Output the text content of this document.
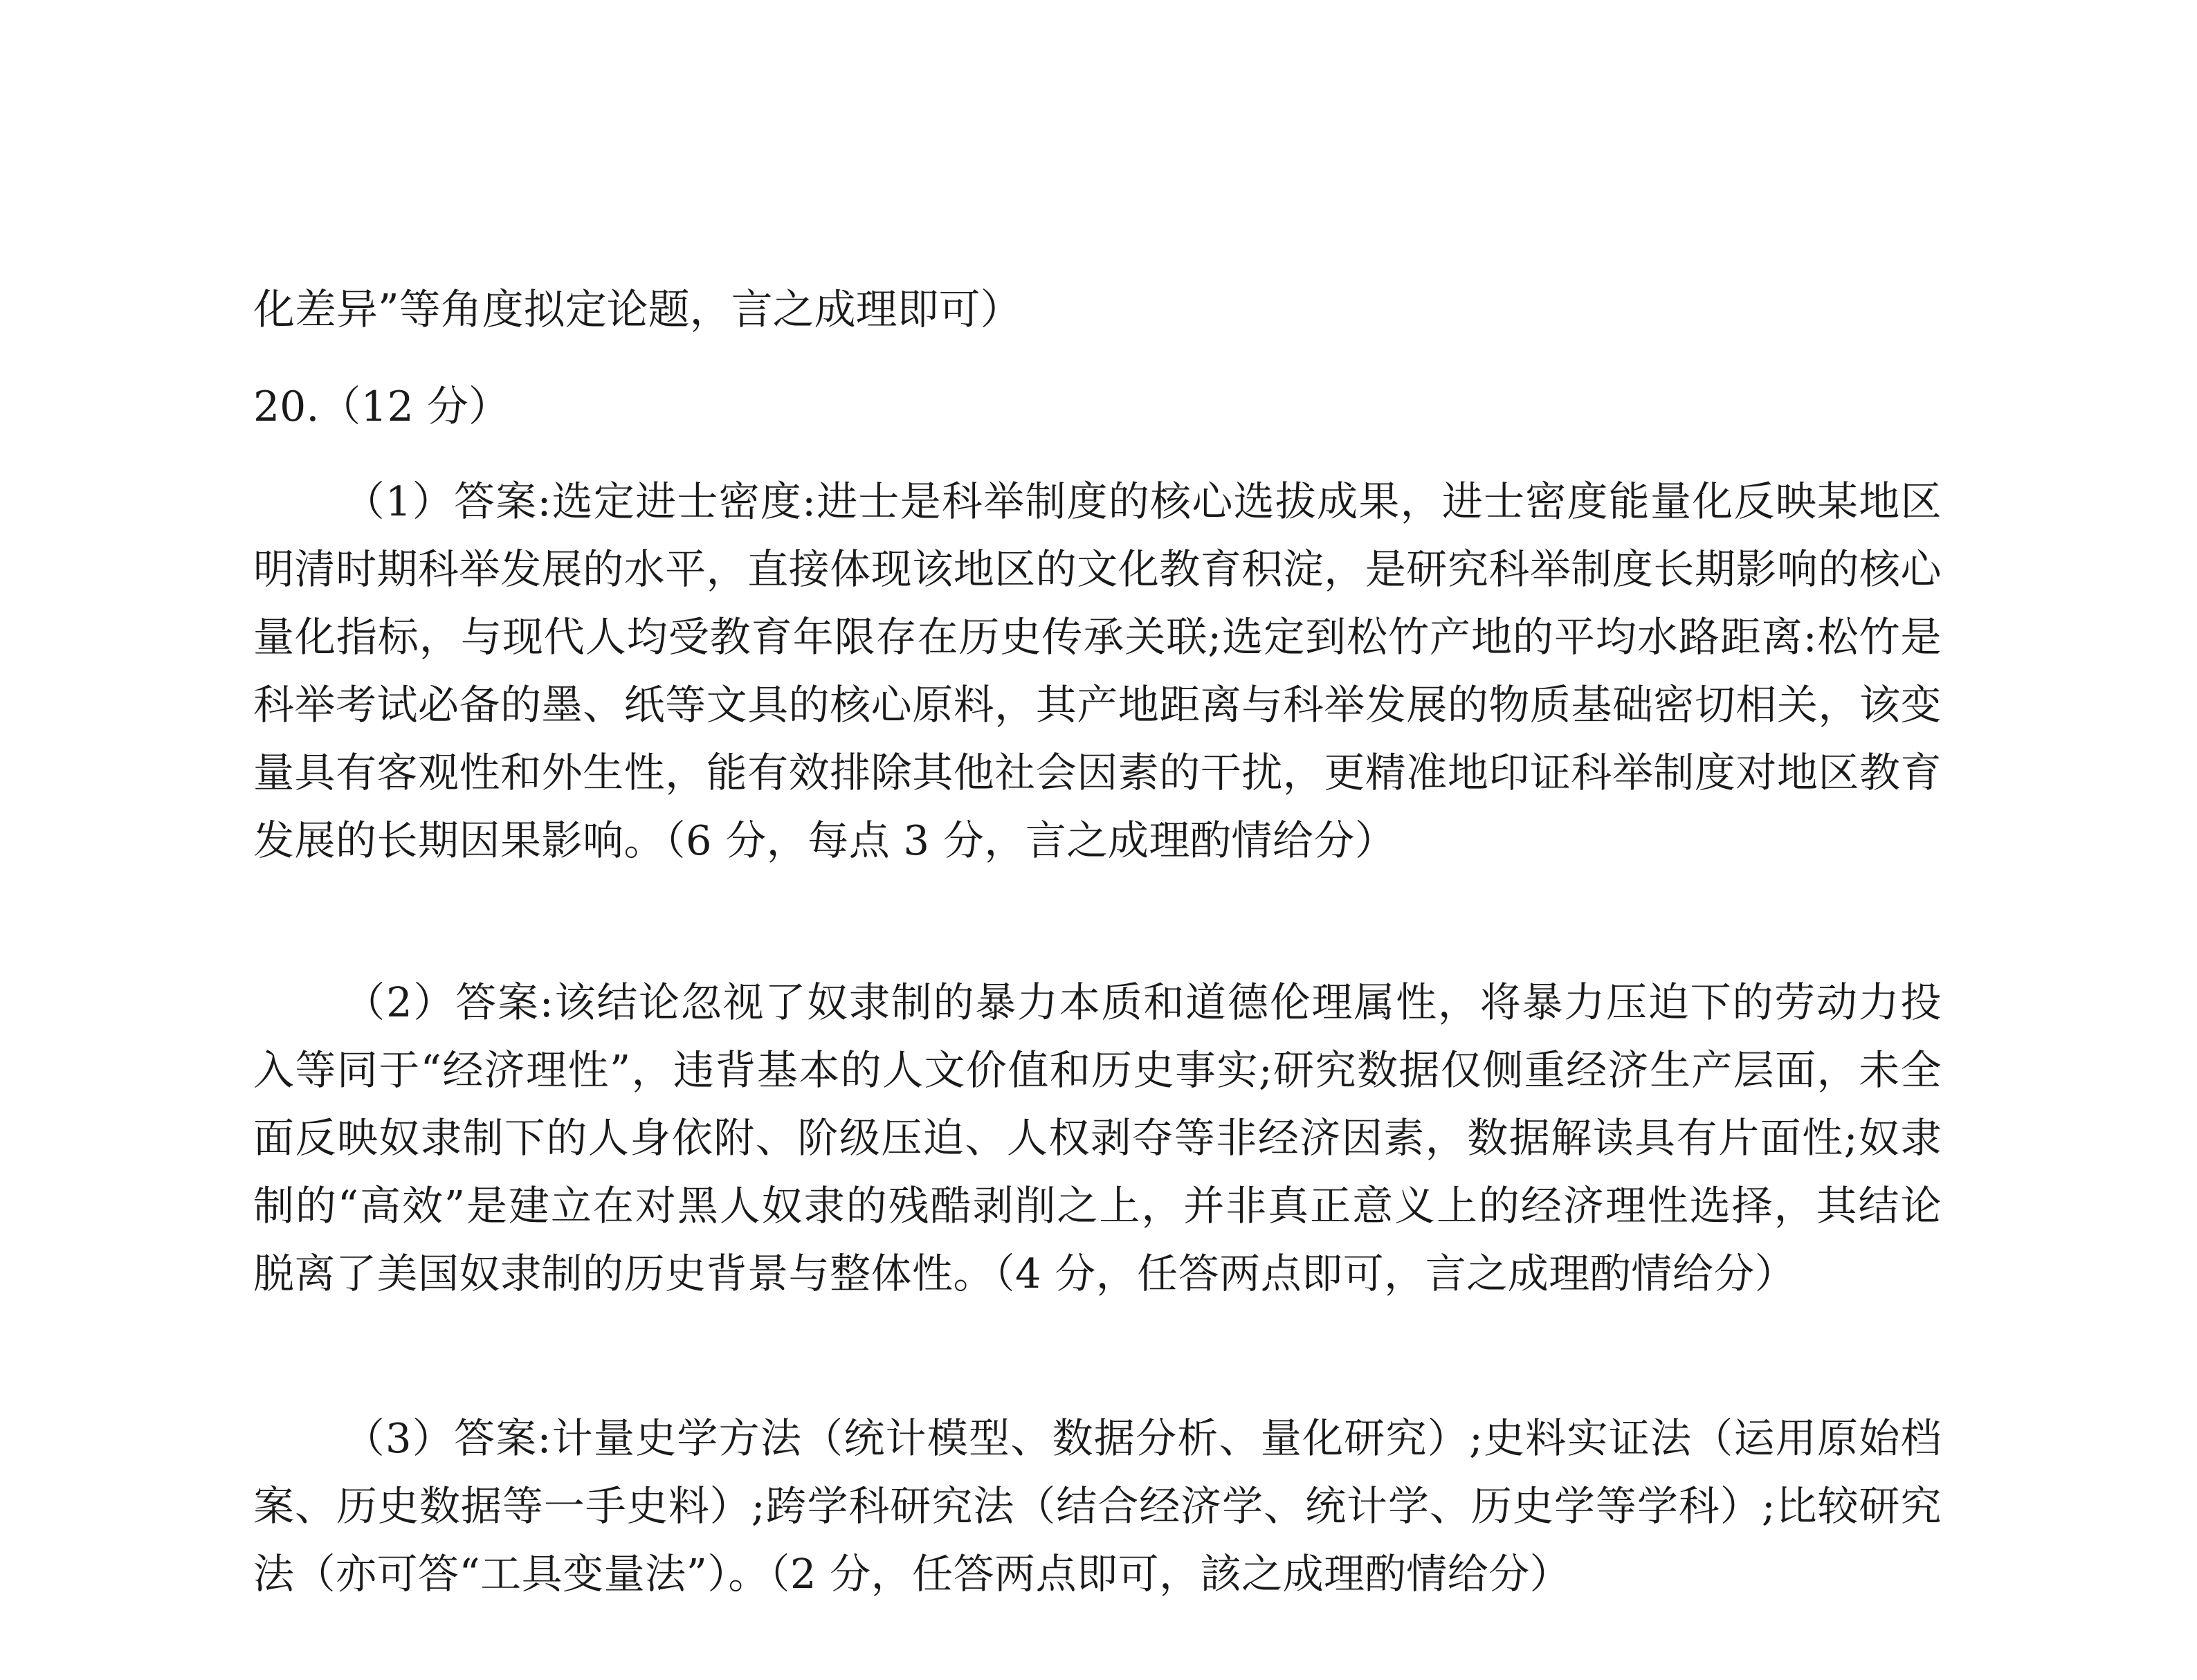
化差异”等角度拟定论题，言之成理即可）
20.（12 分）
（1）答案:选定进士密度:进士是科举制度的核心选拔成果，进士密度能量化反映某地区明清时期科举发展的水平，直接体现该地区的文化教育积淀，是研究科举制度长期影响的核心量化指标，与现代人均受教育年限存在历史传承关联;选定到松竹产地的平均水路距离:松竹是科举考试必备的墨、纸等文具的核心原料，其产地距离与科举发展的物质基础密切相关，该变量具有客观性和外生性，能有效排除其他社会因素的干扰，更精准地印证科举制度对地区教育发展的长期因果影响。（6 分，每点 3 分，言之成理酌情给分）
（2）答案:该结论忽视了奴隶制的暴力本质和道德伦理属性，将暴力压迫下的劳动力投入等同于“经济理性”，违背基本的人文价值和历史事实;研究数据仅侧重经济生产层面，未全面反映奴隶制下的人身依附、阶级压迫、人权剥夺等非经济因素，数据解读具有片面性;奴隶制的“高效”是建立在对黑人奴隶的残酷剥削之上，并非真正意义上的经济理性选择，其结论脱离了美国奴隶制的历史背景与整体性。（4 分，任答两点即可，言之成理酌情给分）
（3）答案:计量史学方法（统计模型、数据分析、量化研究）;史料实证法（运用原始档案、历史数据等一手史料）;跨学科研究法（结合经济学、统计学、历史学等学科）;比较研究法（亦可答“工具变量法”）。（2 分，任答两点即可，該之成理酌情给分）
